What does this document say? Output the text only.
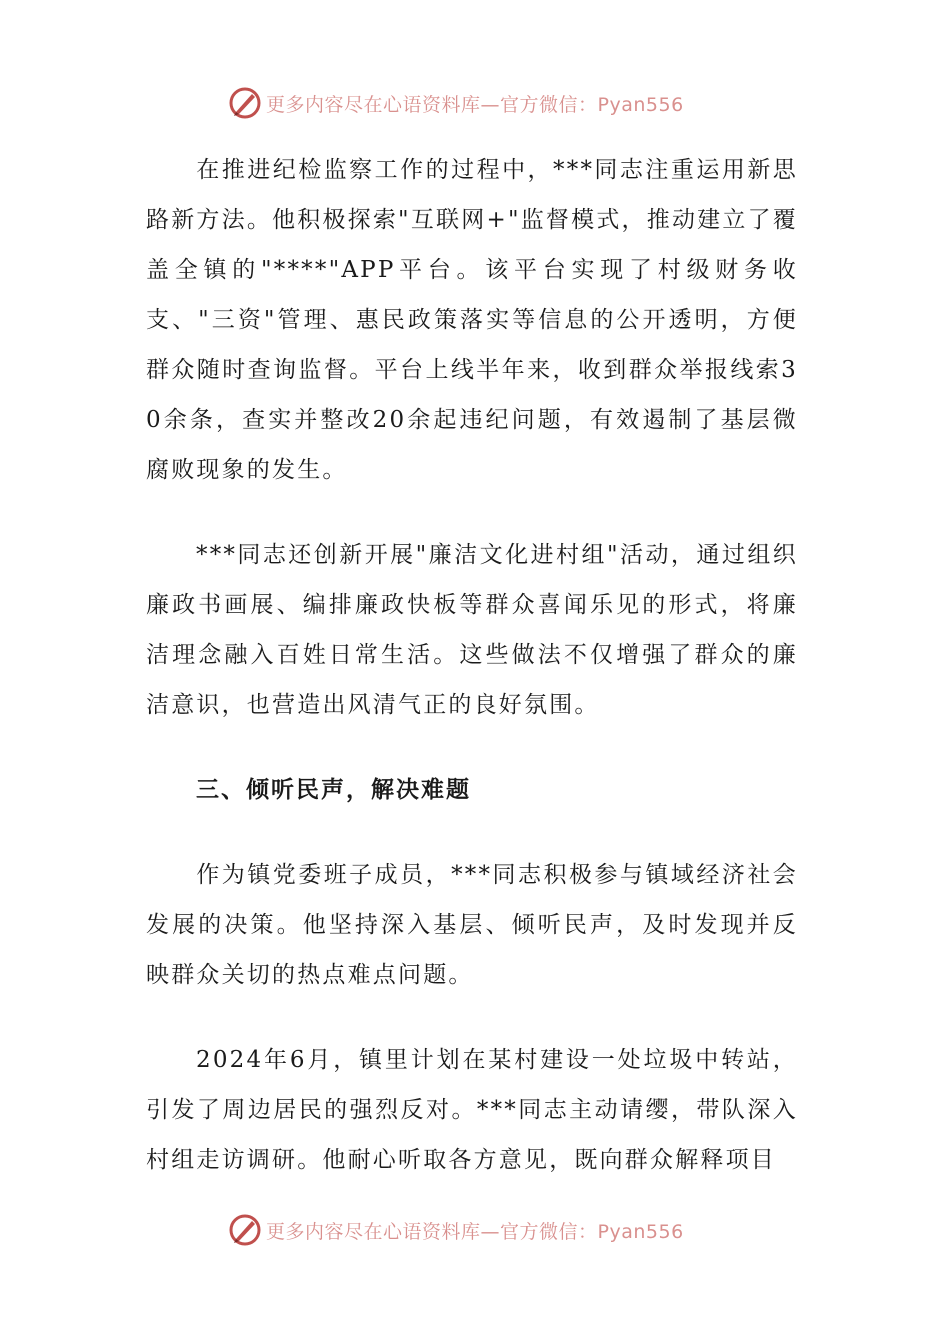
更多内容尽在心语资料库—官方微信：Pyan556

在推进纪检监察工作的过程中，***同志注重运用新思路新方法。他积极探索"互联网+"监督模式，推动建立了覆盖全镇的"****"APP平台。该平台实现了村级财务收支、"三资"管理、惠民政策落实等信息的公开透明，方便群众随时查询监督。平台上线半年来，收到群众举报线索30余条，查实并整改20余起违纪问题，有效遏制了基层微腐败现象的发生。

***同志还创新开展"廉洁文化进村组"活动，通过组织廉政书画展、编排廉政快板等群众喜闻乐见的形式，将廉洁理念融入百姓日常生活。这些做法不仅增强了群众的廉洁意识，也营造出风清气正的良好氛围。

三、倾听民声，解决难题

作为镇党委班子成员，***同志积极参与镇域经济社会发展的决策。他坚持深入基层、倾听民声，及时发现并反映群众关切的热点难点问题。

2024年6月，镇里计划在某村建设一处垃圾中转站，引发了周边居民的强烈反对。***同志主动请缨，带队深入村组走访调研。他耐心听取各方意见，既向群众解释项目

更多内容尽在心语资料库—官方微信：Pyan556
